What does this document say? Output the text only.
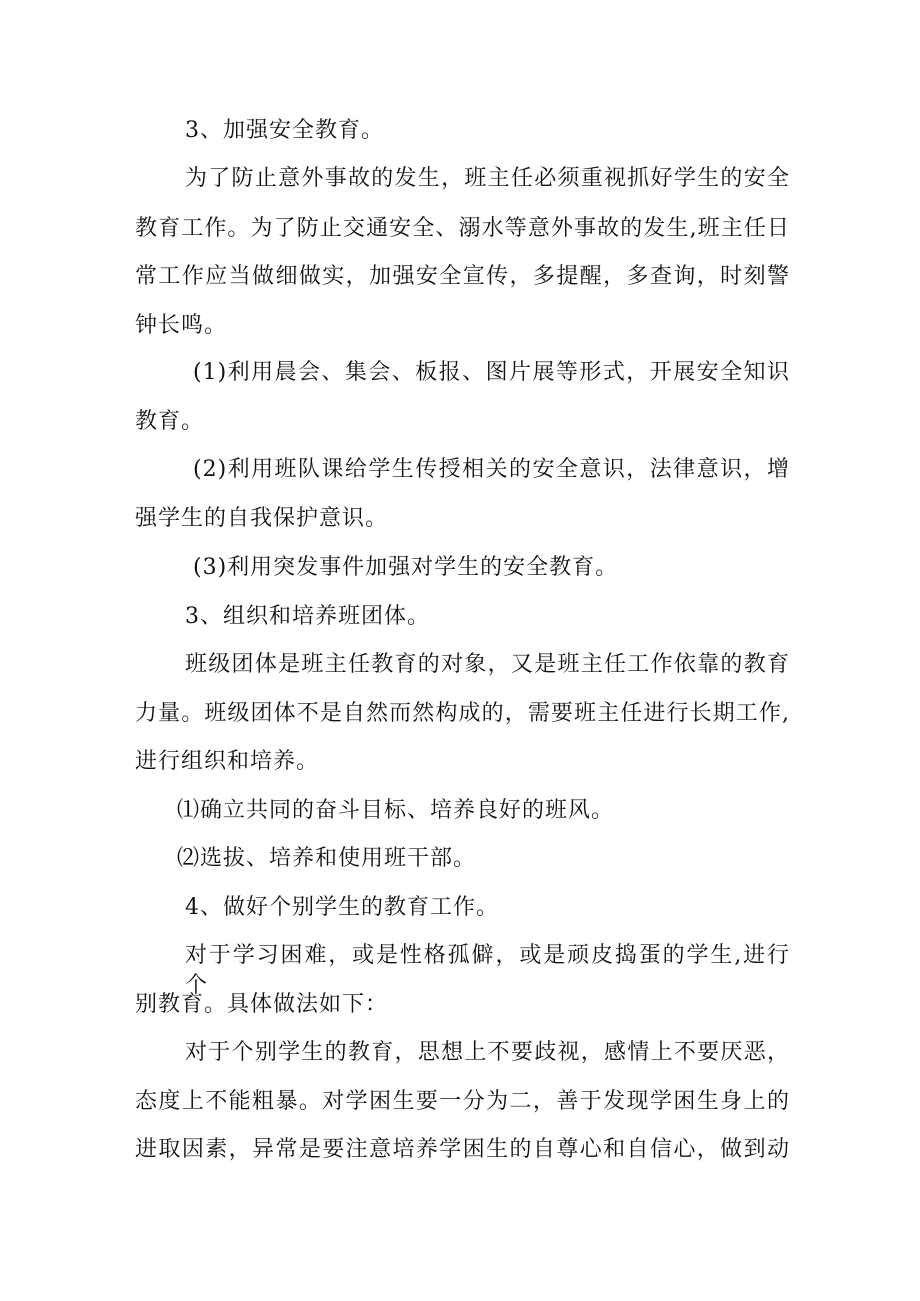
3、加强安全教育。
为了防止意外事故的发生，班主任必须重视抓好学生的安全
教育工作。为了防止交通安全、溺水等意外事故的发生,班主任日
常工作应当做细做实，加强安全宣传，多提醒，多查询，时刻警
钟长鸣。
(1)利用晨会、集会、板报、图片展等形式，开展安全知识
教育。
(2)利用班队课给学生传授相关的安全意识，法律意识，增
强学生的自我保护意识。
(3)利用突发事件加强对学生的安全教育。
3、组织和培养班团体。
班级团体是班主任教育的对象，又是班主任工作依靠的教育
力量。班级团体不是自然而然构成的，需要班主任进行长期工作,
进行组织和培养。
⑴确立共同的奋斗目标、培养良好的班风。
⑵选拔、培养和使用班干部。
4、做好个别学生的教育工作。
对于学习困难，或是性格孤僻，或是顽皮捣蛋的学生,进行个
别教育。具体做法如下：
对于个别学生的教育，思想上不要歧视，感情上不要厌恶，
态度上不能粗暴。对学困生要一分为二，善于发现学困生身上的
进取因素，异常是要注意培养学困生的自尊心和自信心，做到动
